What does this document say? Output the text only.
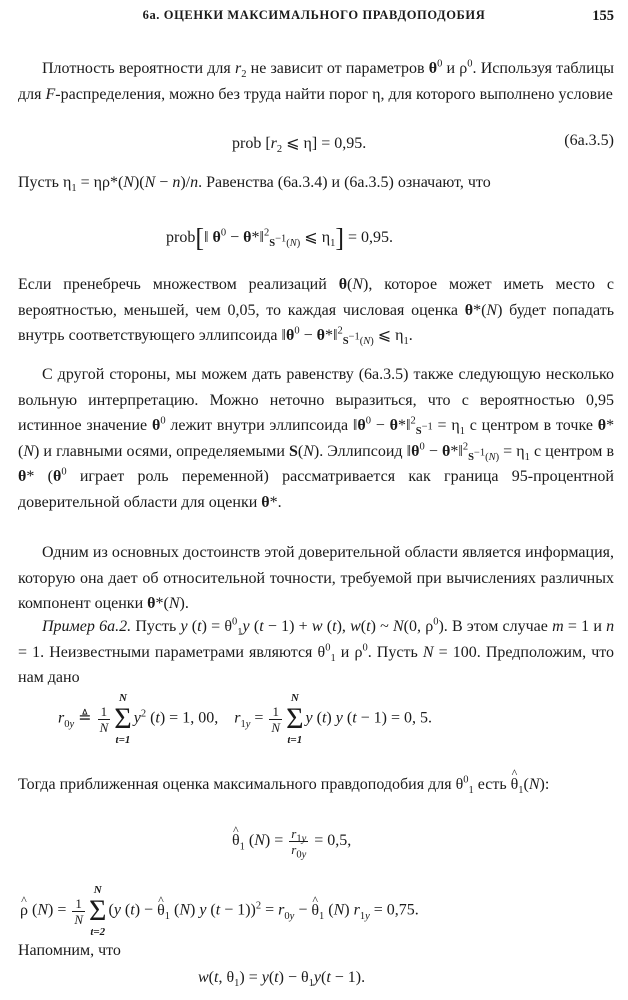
6а. ОЦЕНКИ МАКСИМАЛЬНОГО ПРАВДОПОДОБИЯ	155
Плотность вероятности для $r_2$ не зависит от параметров $\theta^0$ и $\rho^0$. Используя таблицы для F-распределения, можно без труда найти порог η, для которого выполнено условие
prob [$r_2$ ⩽ η] = 0,95.	(6а.3.5)
Пусть $\eta_1 = \eta\rho*(N)(N - n)/n$. Равенства (6а.3.4) и (6а.3.5) означают, что
prob[‖ $\theta^0$ − θ*‖$^2_{S^{-1}(N)}$ ⩽ $\eta_1] = 0,95$.
Если пренебречь множеством реализаций θ(N), которое может иметь место с вероятностью, меньшей, чем 0,05, то каждая числовая оценка θ*(N) будет попадать внутрь соответствующего эллипсоида $‖\theta^0$ − θ*‖$^2_{S^{-1}(N)}$ ⩽ $\eta_1$.
С другой стороны, мы можем дать равенству (6а.3.5) также следующую несколько вольную интерпретацию. Можно неточно выразиться, что с вероятностью 0,95 истинное значение $\theta^0$ лежит внутри эллипсоида $‖\theta^0$ − θ*‖$^2_{S^{-1}}$ = $\eta_1$ с центром в точке θ*(N) и главными осями, определяемыми S(N). Эллипсоид $‖\theta^0$ − θ*‖$^2_{S^{-1}(N)}$ = $\eta_1$ с центром в θ* ($\theta^0$ играет роль переменной) рассматривается как граница 95-процентной доверительной области для оценки θ*.
Одним из основных достоинств этой доверительной области является информация, которую она дает об относительной точности, требуемой при вычислениях различных компонент оценки θ*(N).
Пример 6а.2. Пусть y $(t) = \theta^0_1y$ (t − 1) + w (t), w(t) ~ N(0, $\rho^0$). В этом случае m = 1 и n = 1. Неизвестными параметрами являются $\theta^0_1$ и $\rho^0$. Пусть N = 100. Предположим, что нам дано
$r_{0y}$ ≜ $\frac{1}{N}$
N
Σ
t=1
$y^2$ (t) = 1, 00, $r_{1y} = \frac{1}{N}$
N
Σ
t=1
y (t) y (t − 1) = 0, 5.
Тогда приближенная оценка максимального правдоподобия для $\theta^0_1$ есть ^ $\theta_1(N)$:
^ $\theta_1$ $(N) = \frac{r_{1y}}{r_{0y}} = 0,5$,
^ ρ $(N) = \frac{1}{N}$
N
Σ
t=2
(y (t) − ^ $\theta_1$ (N) y $(t - 1))^2 = r_{0y}$ − ^ $\theta_1$ (N) $r_{1y} = 0,75$.
Напомним, что
w(t, $\theta_1) = y(t) - \theta_1y(t - 1)$.
